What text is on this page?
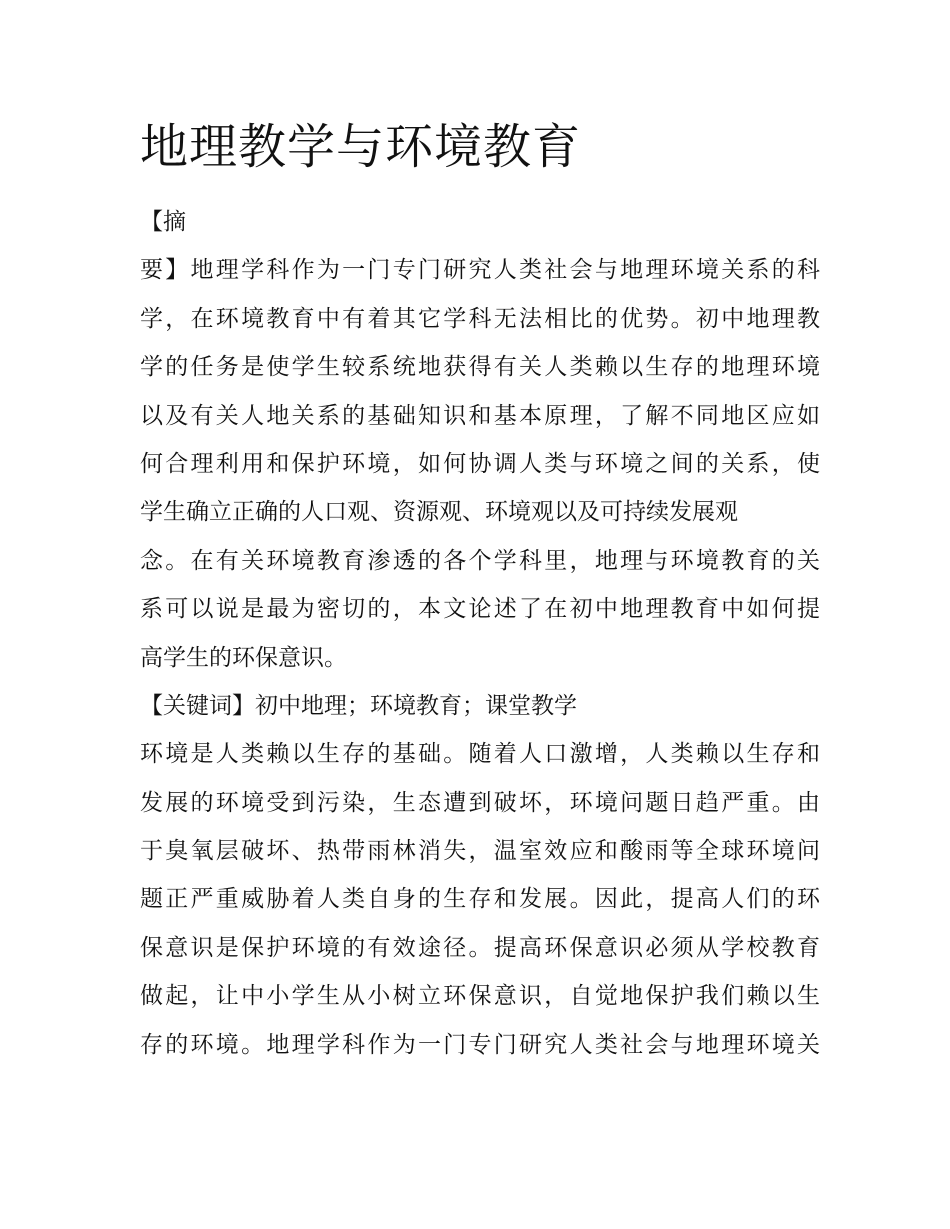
地理教学与环境教育
【摘
要】地理学科作为一门专门研究人类社会与地理环境关系的科
学，在环境教育中有着其它学科无法相比的优势。初中地理教
学的任务是使学生较系统地获得有关人类赖以生存的地理环境
以及有关人地关系的基础知识和基本原理，了解不同地区应如
何合理利用和保护环境，如何协调人类与环境之间的关系，使
学生确立正确的人口观、资源观、环境观以及可持续发展观
念。在有关环境教育渗透的各个学科里，地理与环境教育的关
系可以说是最为密切的，本文论述了在初中地理教育中如何提
高学生的环保意识。
【关键词】初中地理；环境教育；课堂教学
环境是人类赖以生存的基础。随着人口激增，人类赖以生存和
发展的环境受到污染，生态遭到破坏，环境问题日趋严重。由
于臭氧层破坏、热带雨林消失，温室效应和酸雨等全球环境问
题正严重威胁着人类自身的生存和发展。因此，提高人们的环
保意识是保护环境的有效途径。提高环保意识必须从学校教育
做起，让中小学生从小树立环保意识，自觉地保护我们赖以生
存的环境。地理学科作为一门专门研究人类社会与地理环境关
